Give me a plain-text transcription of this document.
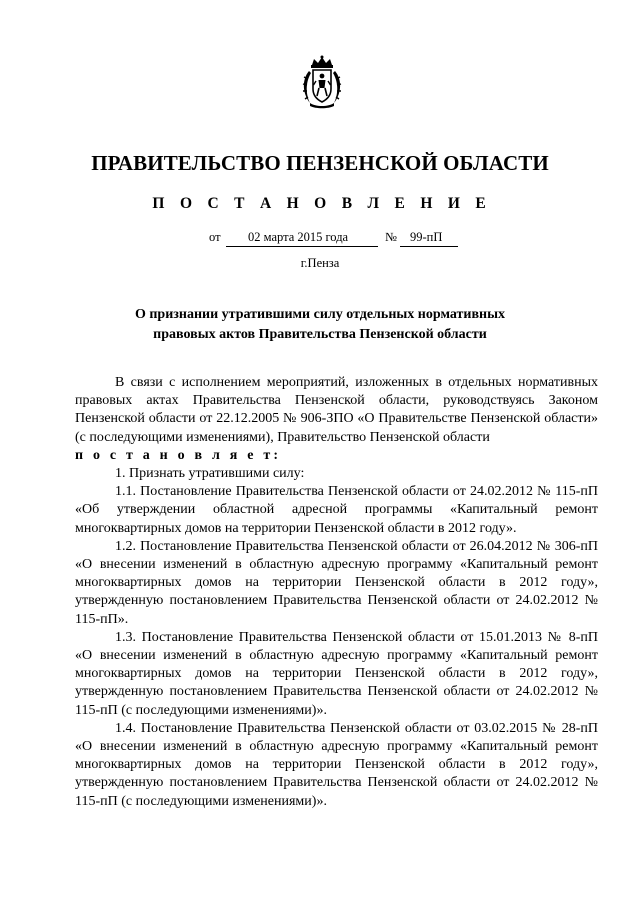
ПРАВИТЕЛЬСТВО ПЕНЗЕНСКОЙ ОБЛАСТИ
П О С Т А Н О В Л Е Н И Е
от 02 марта 2015 года	№ 99-пП
г.Пенза
О признании утратившими силу отдельных нормативных
правовых актов Правительства Пензенской области

В связи с исполнением мероприятий, изложенных в отдельных нормативных правовых актах Правительства Пензенской области, руководствуясь Законом Пензенской области от 22.12.2005 № 906-ЗПО «О Правительстве Пензенской области» (с последующими изменениями), Правительство Пензенской области

п о с т а н о в л я е т:

1. Признать утратившими силу:

1.1. Постановление Правительства Пензенской области от 24.02.2012 № 115-пП «Об утверждении областной адресной программы «Капитальный ремонт многоквартирных домов на территории Пензенской области в 2012 году».

1.2. Постановление Правительства Пензенской области от 26.04.2012 № 306-пП «О внесении изменений в областную адресную программу «Капитальный ремонт многоквартирных домов на территории Пензенской области в 2012 году», утвержденную постановлением Правительства Пензенской области от 24.02.2012 № 115-пП».

1.3. Постановление Правительства Пензенской области от 15.01.2013 № 8-пП «О внесении изменений в областную адресную программу «Капитальный ремонт многоквартирных домов на территории Пензенской области в 2012 году», утвержденную постановлением Правительства Пензенской области от 24.02.2012 № 115-пП (с последующими изменениями)».

1.4. Постановление Правительства Пензенской области от 03.02.2015 № 28-пП «О внесении изменений в областную адресную программу «Капитальный ремонт многоквартирных домов на территории Пензенской области в 2012 году», утвержденную постановлением Правительства Пензенской области от 24.02.2012 № 115-пП (с последующими изменениями)».
